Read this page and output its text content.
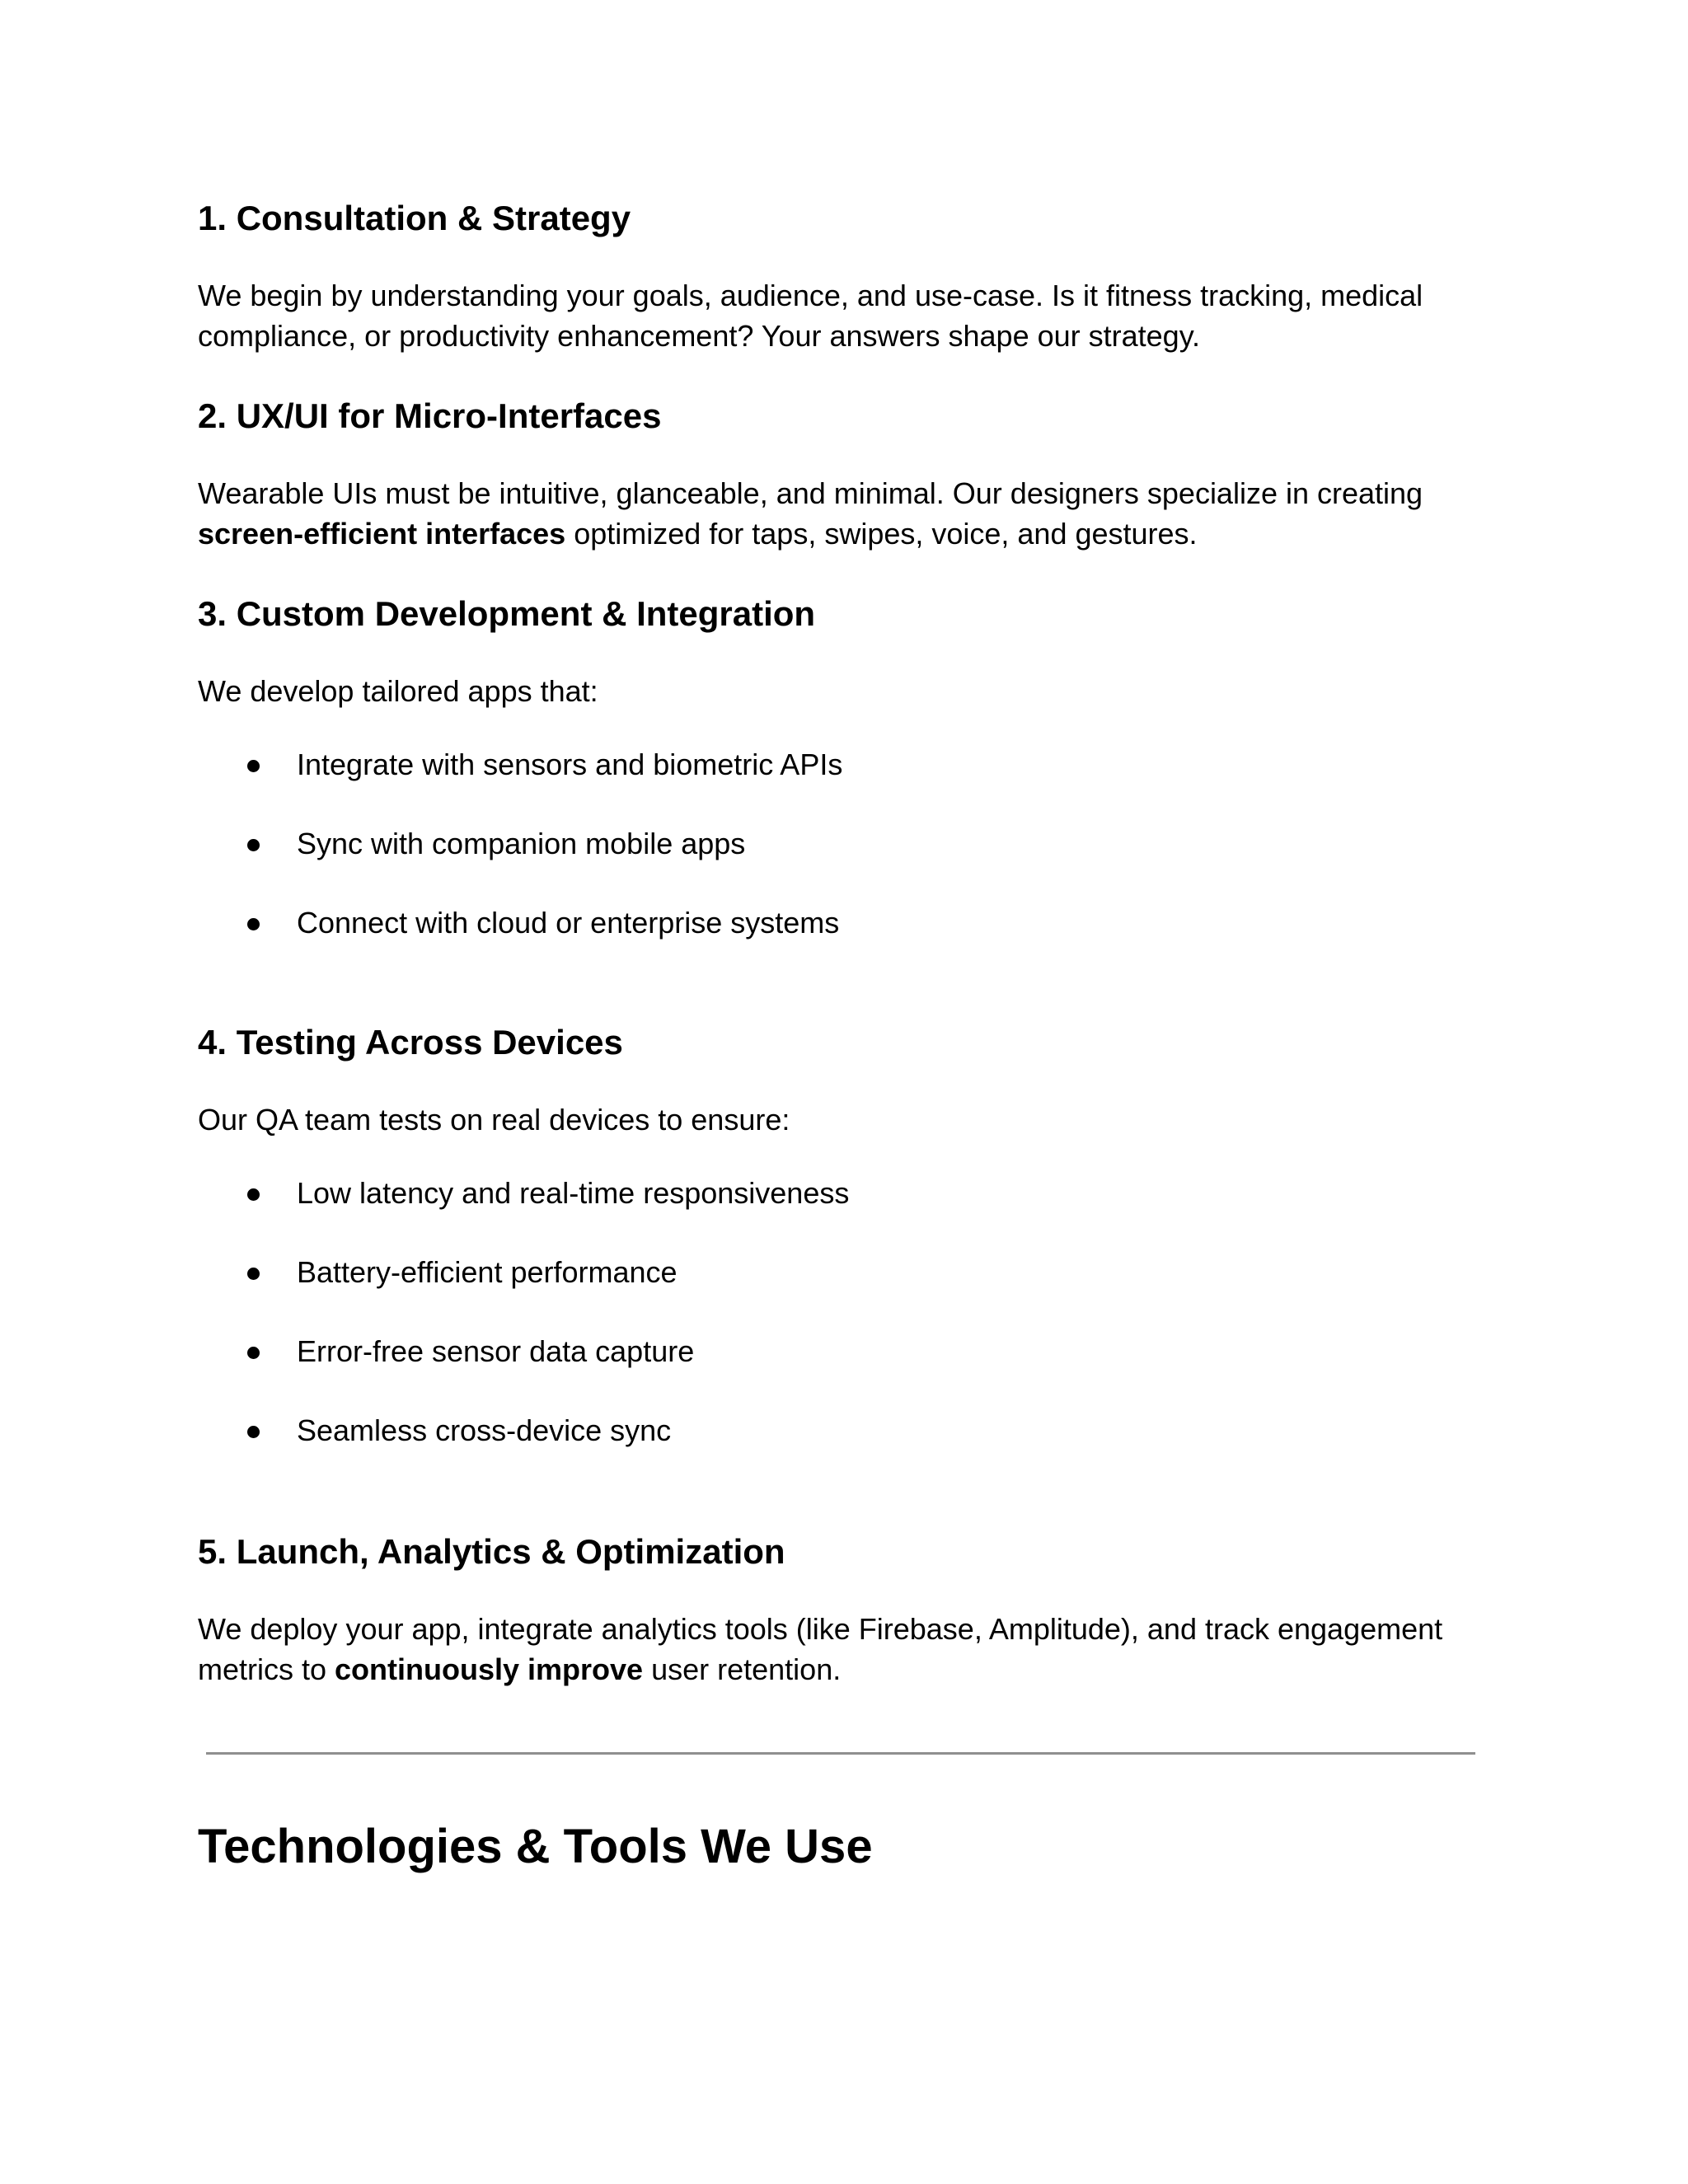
1. Consultation & Strategy

We begin by understanding your goals, audience, and use-case. Is it fitness tracking, medical
compliance, or productivity enhancement? Your answers shape our strategy.

2. UX/UI for Micro-Interfaces

Wearable UIs must be intuitive, glanceable, and minimal. Our designers specialize in creating
screen-efficient interfaces optimized for taps, swipes, voice, and gestures.

3. Custom Development & Integration

We develop tailored apps that:

Integrate with sensors and biometric APIs
Sync with companion mobile apps
Connect with cloud or enterprise systems
4. Testing Across Devices

Our QA team tests on real devices to ensure:

Low latency and real-time responsiveness
Battery-efficient performance
Error-free sensor data capture
Seamless cross-device sync
5. Launch, Analytics & Optimization

We deploy your app, integrate analytics tools (like Firebase, Amplitude), and track engagement
metrics to continuously improve user retention.

Technologies & Tools We Use
